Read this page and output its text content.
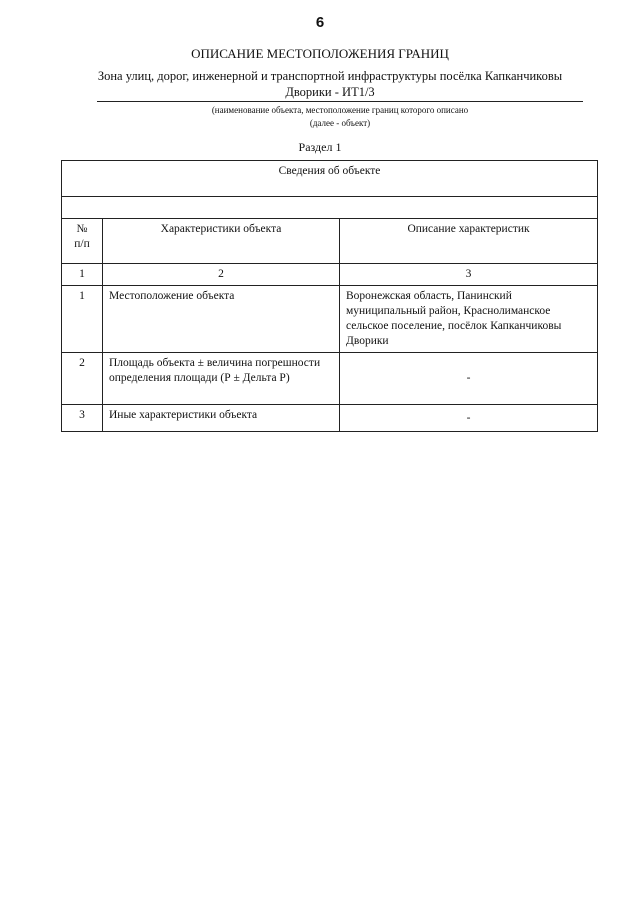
6
ОПИСАНИЕ МЕСТОПОЛОЖЕНИЯ ГРАНИЦ
Зона улиц, дорог, инженерной и транспортной инфраструктуры посёлка Капканчиковы
Дворики - ИТ1/3
(наименование объекта, местоположение границ которого описано
(далее - объект)
Раздел 1
Сведения об объекте		

№
п/п	Характеристики объекта	Описание характеристик
1	2	3
1	Местоположение объекта	Воронежская область, Панинский муниципальный район, Краснолиманское сельское поселение, посёлок Капканчиковы Дворики
2	Площадь объекта ± величина погрешности определения площади (Р ± Дельта Р)	-
3	Иные характеристики объекта	-
